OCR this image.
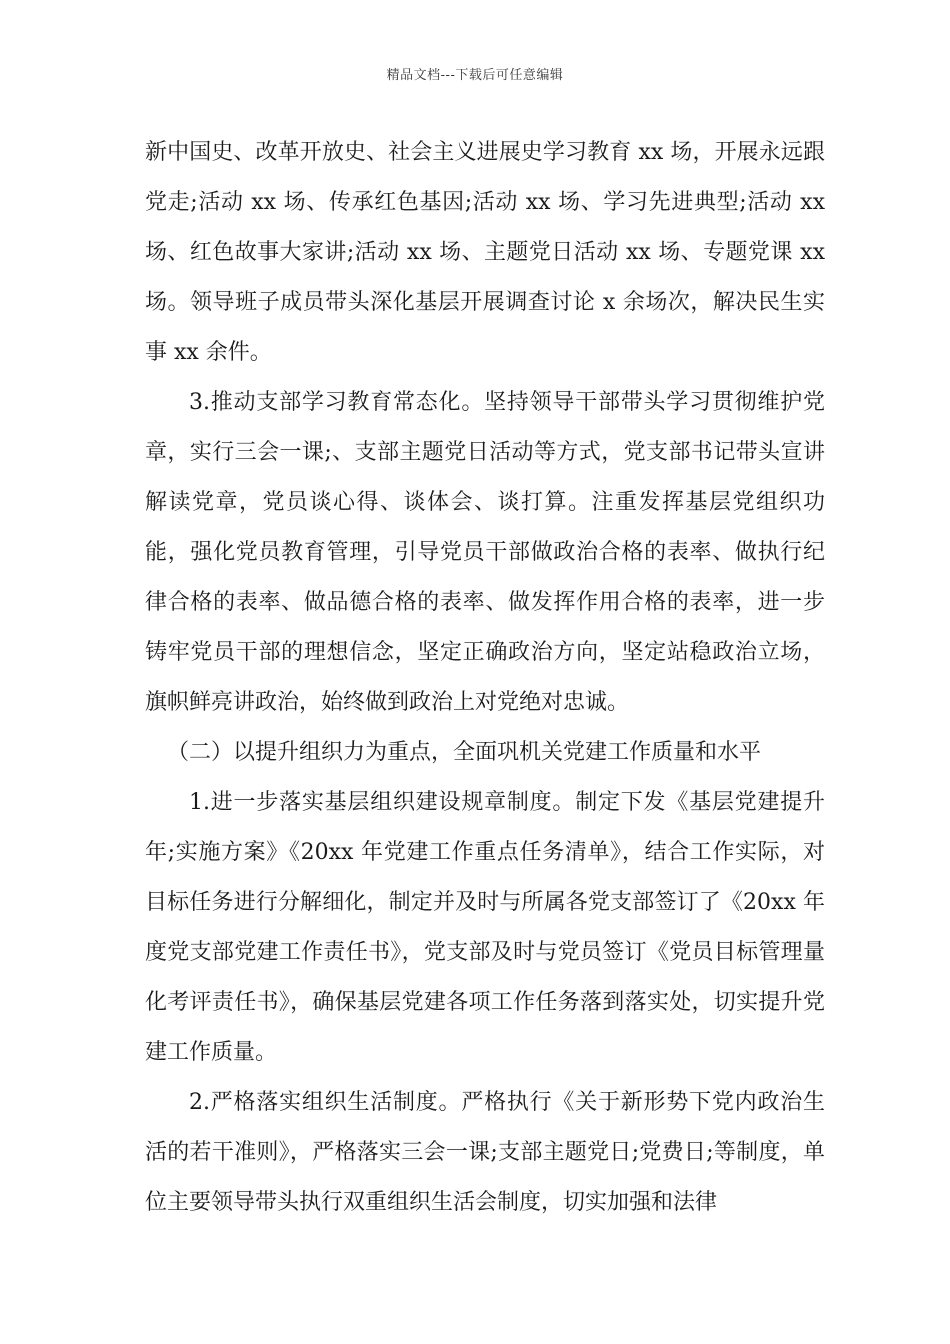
精品文档---下载后可任意编辑

新中国史、改革开放史、社会主义进展史学习教育 xx 场，开展永远跟党走;活动 xx 场、传承红色基因;活动 xx 场、学习先进典型;活动 xx 场、红色故事大家讲;活动 xx 场、主题党日活动 xx 场、专题党课 xx 场。领导班子成员带头深化基层开展调查讨论 x 余场次，解决民生实事 xx 余件。

3.推动支部学习教育常态化。坚持领导干部带头学习贯彻维护党章，实行三会一课;、支部主题党日活动等方式，党支部书记带头宣讲解读党章，党员谈心得、谈体会、谈打算。注重发挥基层党组织功能，强化党员教育管理，引导党员干部做政治合格的表率、做执行纪律合格的表率、做品德合格的表率、做发挥作用合格的表率，进一步铸牢党员干部的理想信念，坚定正确政治方向，坚定站稳政治立场，旗帜鲜亮讲政治，始终做到政治上对党绝对忠诚。

（二）以提升组织力为重点，全面巩机关党建工作质量和水平

1.进一步落实基层组织建设规章制度。制定下发《基层党建提升年;实施方案》《20xx 年党建工作重点任务清单》，结合工作实际，对目标任务进行分解细化，制定并及时与所属各党支部签订了《20xx 年度党支部党建工作责任书》，党支部及时与党员签订《党员目标管理量化考评责任书》，确保基层党建各项工作任务落到落实处，切实提升党建工作质量。

2.严格落实组织生活制度。严格执行《关于新形势下党内政治生活的若干准则》，严格落实三会一课;支部主题党日;党费日;等制度，单位主要领导带头执行双重组织生活会制度，切实加强和法律
